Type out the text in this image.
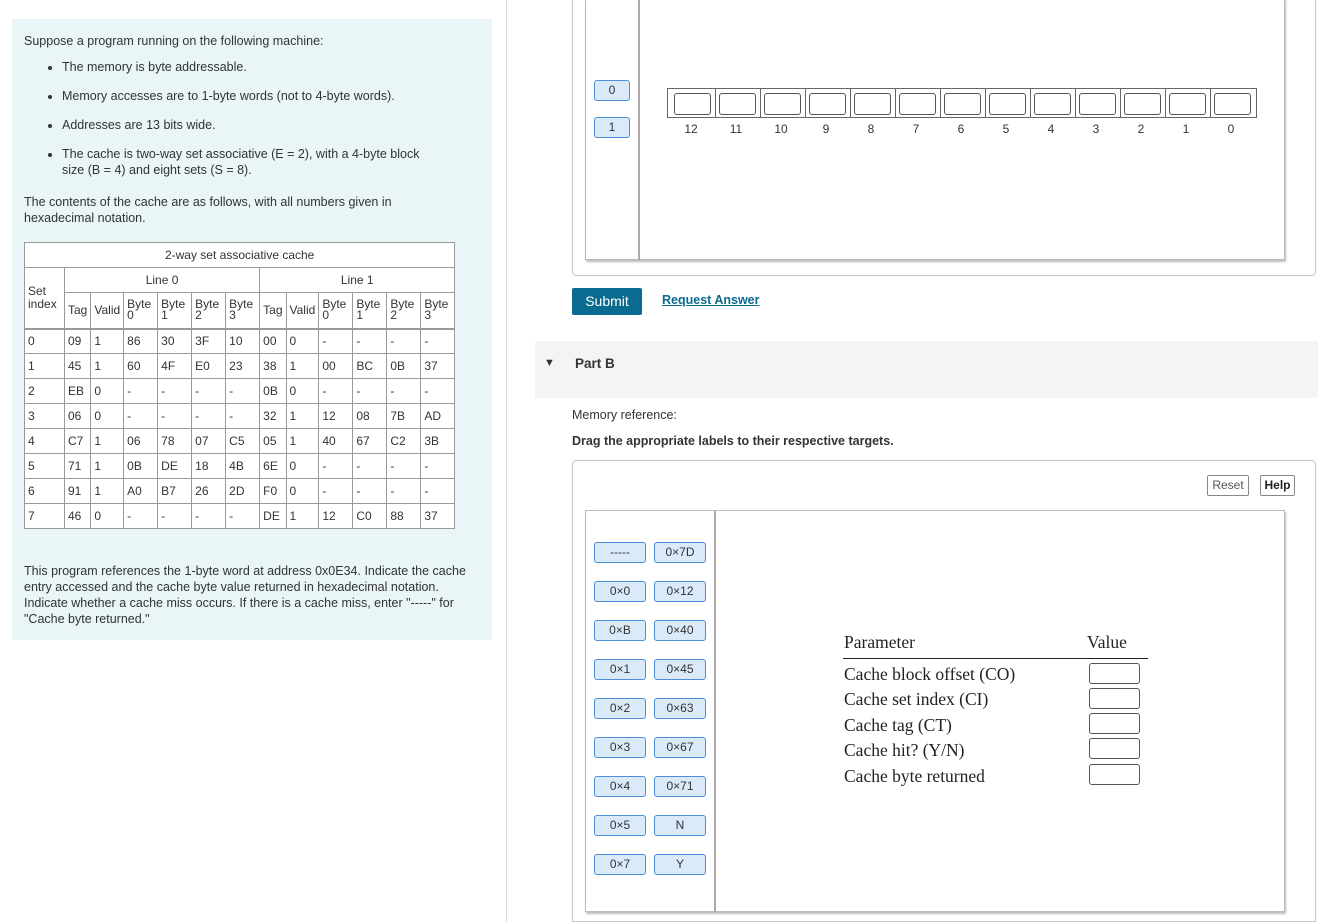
Suppose a program running on the following machine:

• The memory is byte addressable.
• Memory accesses are to 1-byte words (not to 4-byte words).
• Addresses are 13 bits wide.
• The cache is two-way set associative (E = 2), with a 4-byte block size (B = 4) and eight sets (S = 8).

The contents of the cache are as follows, with all numbers given in hexadecimal notation.

2-way set associative cache												
Set index	Line 0						Line 1					
	Tag	Valid	Byte 0	Byte 1	Byte 2	Byte 3	Tag	Valid	Byte 0	Byte 1	Byte 2	Byte 3
0	09	1	86	30	3F	10	00	0	-	-	-	-
1	45	1	60	4F	E0	23	38	1	00	BC	0B	37
2	EB	0	-	-	-	-	0B	0	-	-	-	-
3	06	0	-	-	-	-	32	1	12	08	7B	AD
4	C7	1	06	78	07	C5	05	1	40	67	C2	3B
5	71	1	0B	DE	18	4B	6E	0	-	-	-	-
6	91	1	A0	B7	26	2D	F0	0	-	-	-	-
7	46	0	-	-	-	-	DE	1	12	C0	88	37

This program references the 1-byte word at address 0x0E34. Indicate the cache entry accessed and the cache byte value returned in hexadecimal notation. Indicate whether a cache miss occurs. If there is a cache miss, enter "-----" for "Cache byte returned."

0
1	12	11	10	9	8	7	6	5	4	3	2	1	0
Submit	Request Answer
▼ Part B
Memory reference:
Drag the appropriate labels to their respective targets.
Reset	Help
-----
0×0
0×B
0×1
0×2
0×3
0×4
0×5
0×7
0×7D
0×12
0×40
0×45
0×63
0×67
0×71
N
Y
Parameter	Value
Cache block offset (CO)
Cache set index (CI)
Cache tag (CT)
Cache hit? (Y/N)
Cache byte returned
